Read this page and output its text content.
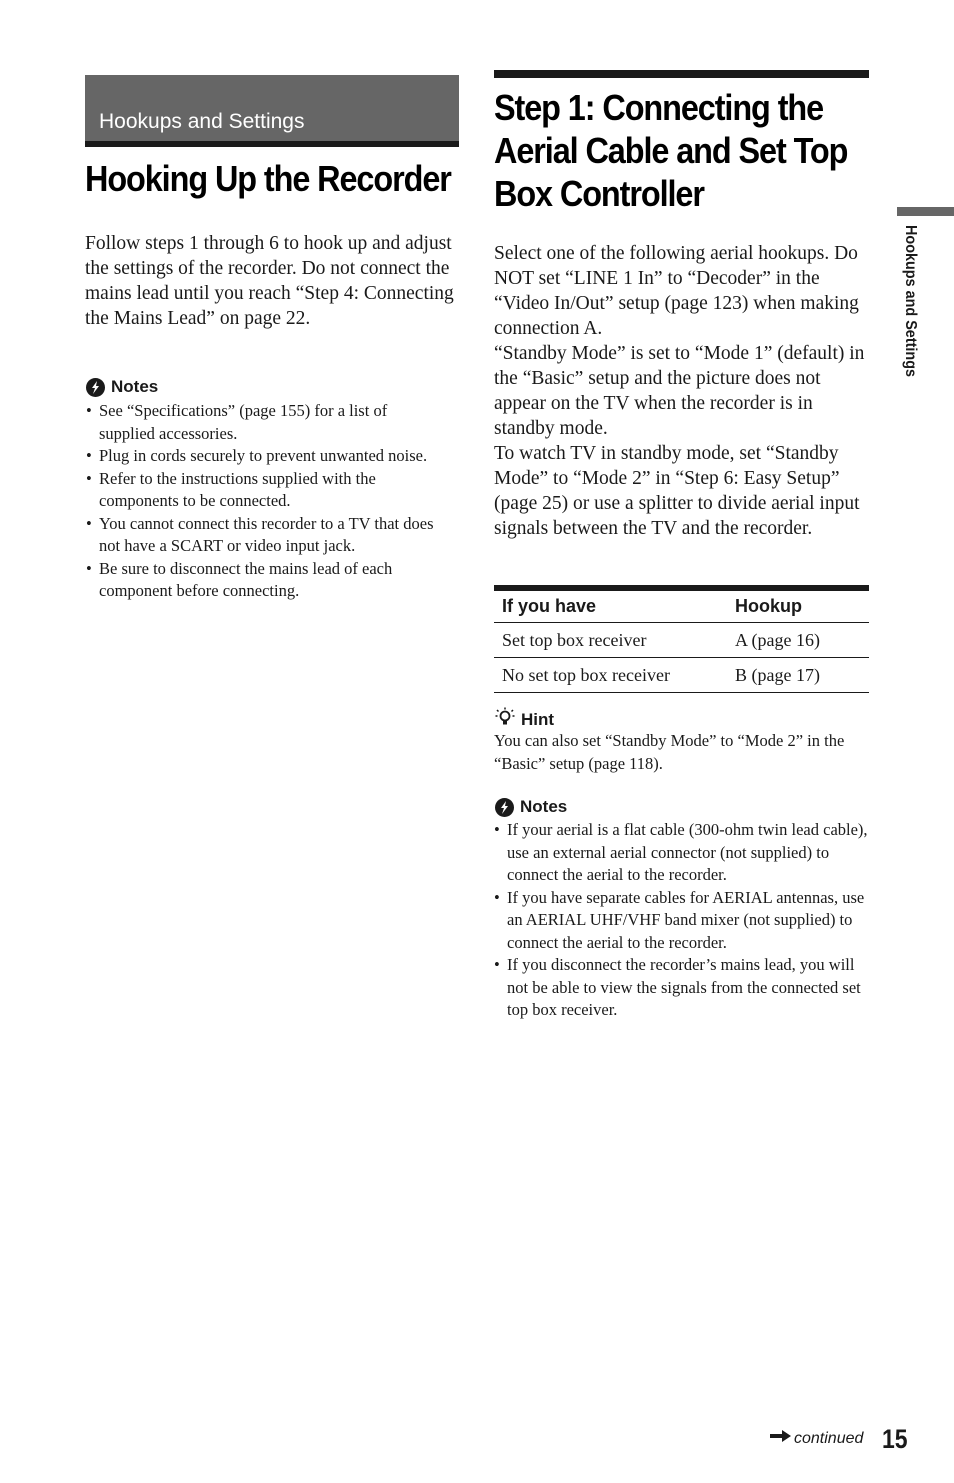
Hookups and Settings
Hooking Up the Recorder

Follow steps 1 through 6 to hook up and adjust the settings of the recorder. Do not connect the mains lead until you reach “Step 4: Connecting the Mains Lead” on page 22.

Notes
• See “Specifications” (page 155) for a list of supplied accessories.
• Plug in cords securely to prevent unwanted noise.
• Refer to the instructions supplied with the components to be connected.
• You cannot connect this recorder to a TV that does not have a SCART or video input jack.
• Be sure to disconnect the mains lead of each component before connecting.
Step 1: Connecting the
Aerial Cable and Set Top
Box Controller

Select one of the following aerial hookups. Do NOT set “LINE 1 In” to “Decoder” in the “Video In/Out” setup (page 123) when making connection A.

“Standby Mode” is set to “Mode 1” (default) in the “Basic” setup and the picture does not appear on the TV when the recorder is in standby mode.

To watch TV in standby mode, set “Standby Mode” to “Mode 2” in “Step 6: Easy Setup” (page 25) or use a splitter to divide aerial input signals between the TV and the recorder.

If you have	Hookup
Set top box receiver	A (page 16)
No set top box receiver	B (page 17)
Hint

You can also set “Standby Mode” to “Mode 2” in the “Basic” setup (page 118).

Notes
• If your aerial is a flat cable (300-ohm twin lead cable), use an external aerial connector (not supplied) to connect the aerial to the recorder.
• If you have separate cables for AERIAL antennas, use an AERIAL UHF/VHF band mixer (not supplied) to connect the aerial to the recorder.
• If you disconnect the recorder’s mains lead, you will not be able to view the signals from the connected set top box receiver.
Hookups and Settings
continued 15
